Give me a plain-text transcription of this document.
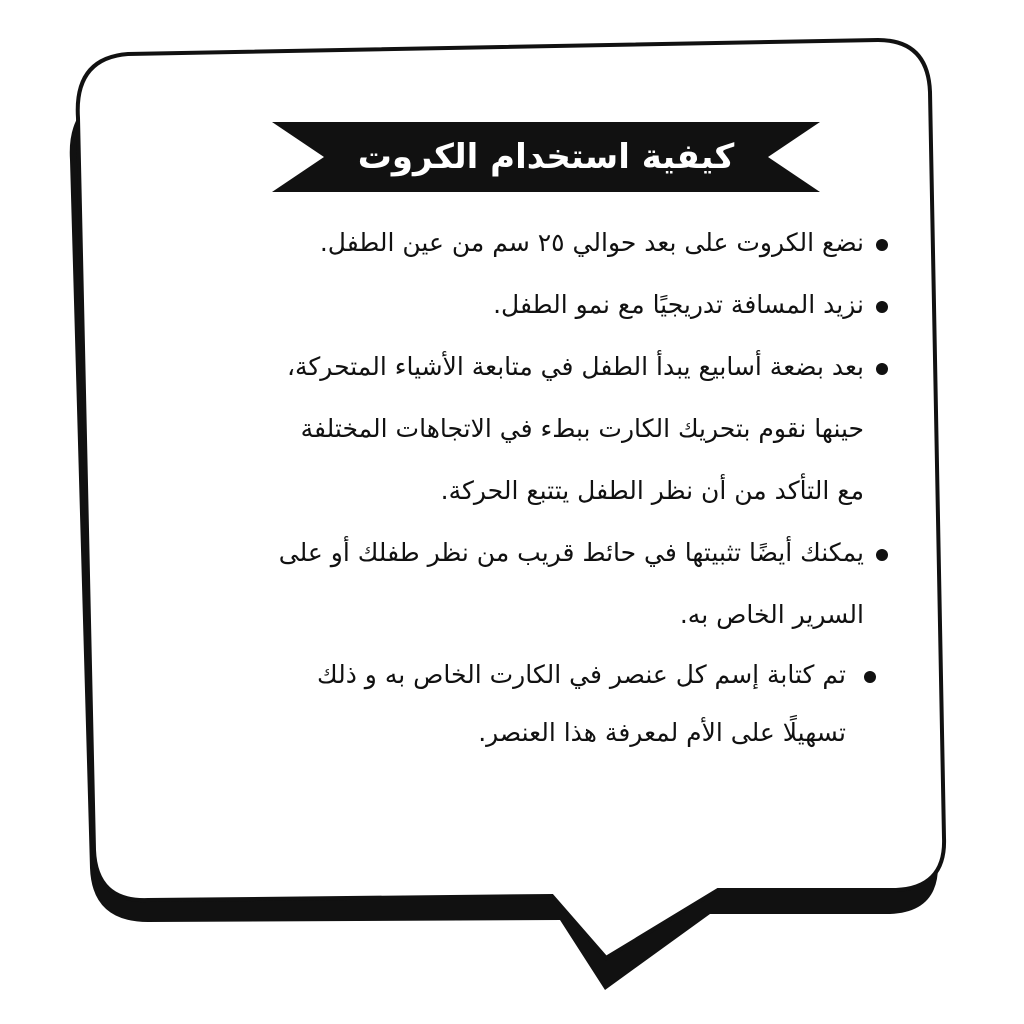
كيفية استخدام الكروت
نضع الكروت على بعد حوالي ٢٥ سم من عين الطفل.
نزيد المسافة تدريجيًا مع نمو الطفل.
بعد بضعة أسابيع يبدأ الطفل في متابعة الأشياء المتحركة،
حينها نقوم بتحريك الكارت ببطء في الاتجاهات المختلفة
مع التأكد من أن نظر الطفل يتتبع الحركة.
يمكنك أيضًا تثبيتها في حائط قريب من نظر طفلك أو على
السرير الخاص به.
تم كتابة إسم كل عنصر في الكارت الخاص به و ذلك
تسهيلًا على الأم لمعرفة هذا العنصر.
